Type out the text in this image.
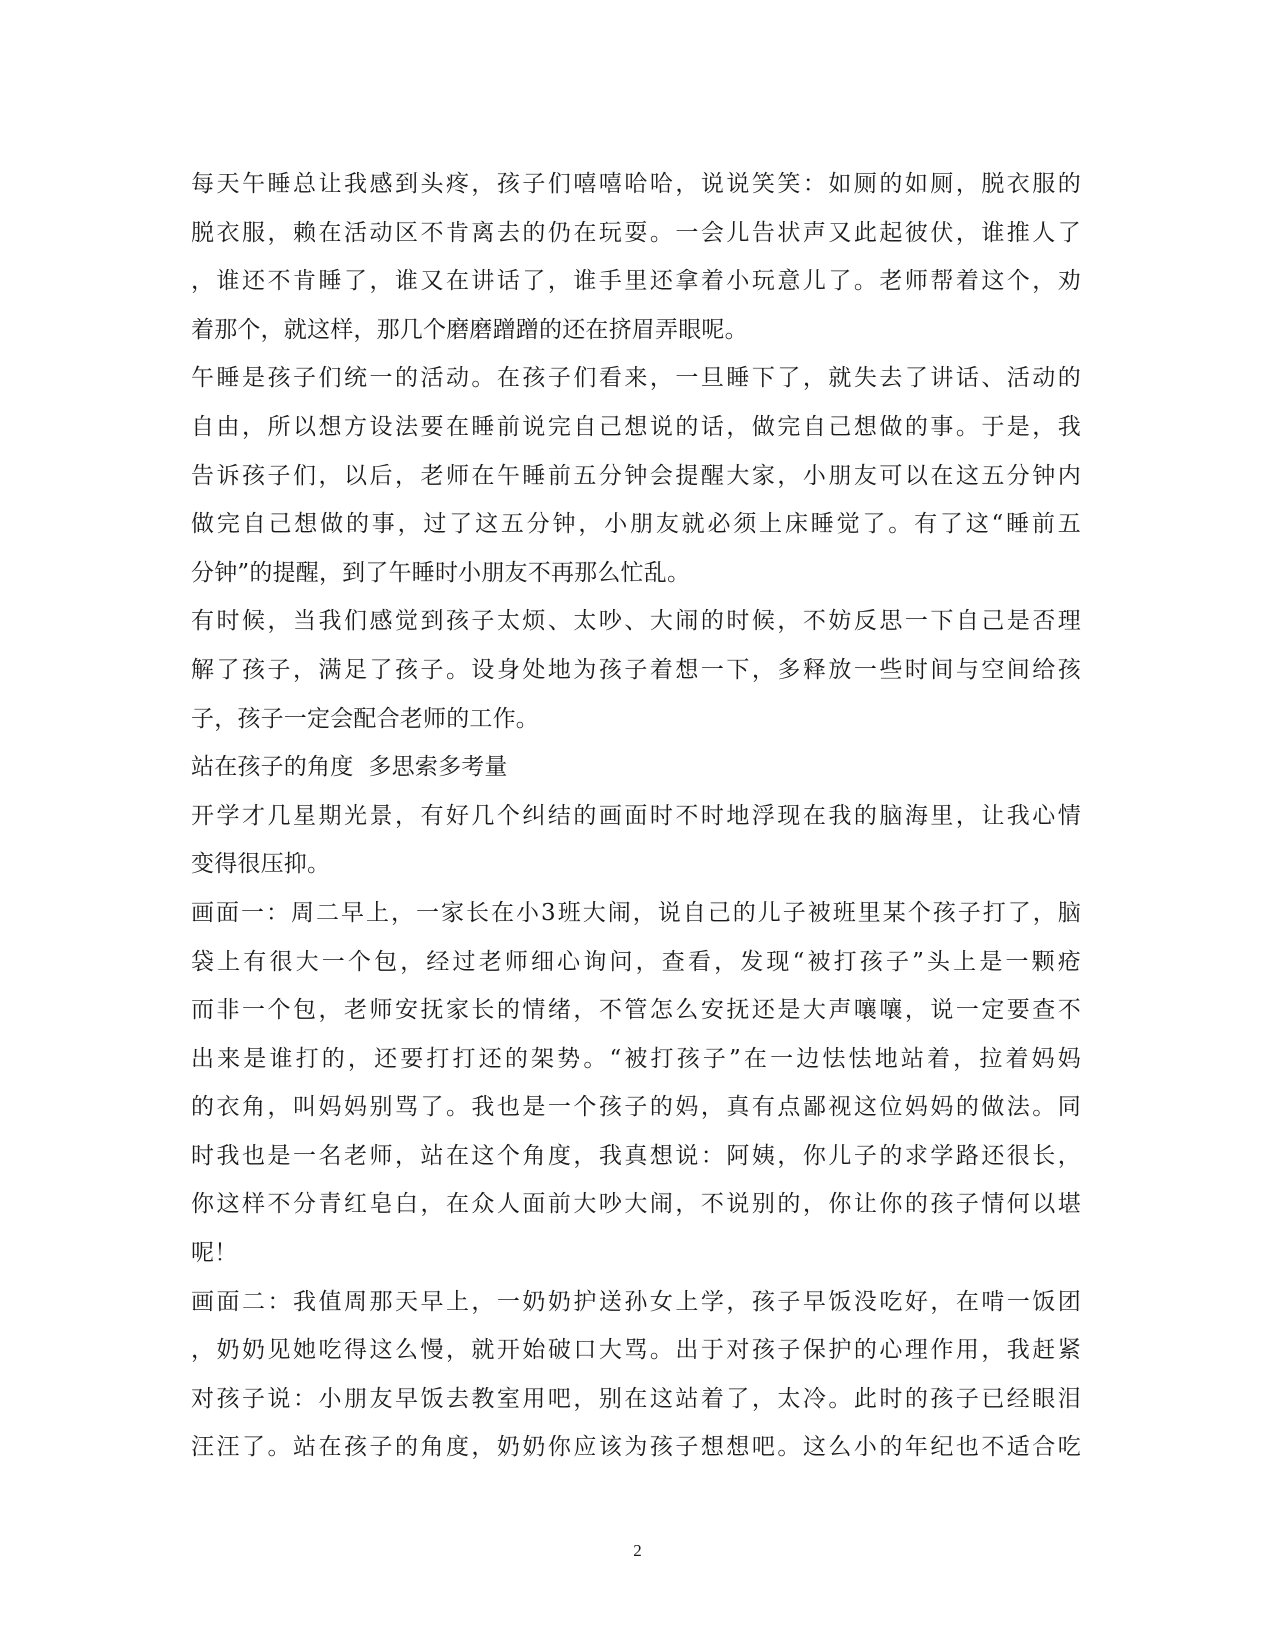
每天午睡总让我感到头疼，孩子们嘻嘻哈哈，说说笑笑：如厕的如厕，脱衣服的
脱衣服，赖在活动区不肯离去的仍在玩耍。一会儿告状声又此起彼伏，谁推人了
，谁还不肯睡了，谁又在讲话了，谁手里还拿着小玩意儿了。老师帮着这个，劝
着那个，就这样，那几个磨磨蹭蹭的还在挤眉弄眼呢。
午睡是孩子们统一的活动。在孩子们看来，一旦睡下了，就失去了讲话、活动的
自由，所以想方设法要在睡前说完自己想说的话，做完自己想做的事。于是，我
告诉孩子们，以后，老师在午睡前五分钟会提醒大家，小朋友可以在这五分钟内
做完自己想做的事，过了这五分钟，小朋友就必须上床睡觉了。有了这“睡前五
分钟”的提醒，到了午睡时小朋友不再那么忙乱。
有时候，当我们感觉到孩子太烦、太吵、大闹的时候，不妨反思一下自己是否理
解了孩子，满足了孩子。设身处地为孩子着想一下，多释放一些时间与空间给孩
子，孩子一定会配合老师的工作。
站在孩子的角度  多思索多考量
开学才几星期光景，有好几个纠结的画面时不时地浮现在我的脑海里，让我心情
变得很压抑。
画面一：周二早上，一家长在小3班大闹，说自己的儿子被班里某个孩子打了，脑
袋上有很大一个包，经过老师细心询问，查看，发现“被打孩子”头上是一颗疮
而非一个包，老师安抚家长的情绪，不管怎么安抚还是大声嚷嚷，说一定要查不
出来是谁打的，还要打打还的架势。“被打孩子”在一边怯怯地站着，拉着妈妈
的衣角，叫妈妈别骂了。我也是一个孩子的妈，真有点鄙视这位妈妈的做法。同
时我也是一名老师，站在这个角度，我真想说：阿姨，你儿子的求学路还很长，
你这样不分青红皂白，在众人面前大吵大闹，不说别的，你让你的孩子情何以堪
呢！
画面二：我值周那天早上，一奶奶护送孙女上学，孩子早饭没吃好，在啃一饭团
，奶奶见她吃得这么慢，就开始破口大骂。出于对孩子保护的心理作用，我赶紧
对孩子说：小朋友早饭去教室用吧，别在这站着了，太冷。此时的孩子已经眼泪
汪汪了。站在孩子的角度，奶奶你应该为孩子想想吧。这么小的年纪也不适合吃
2
